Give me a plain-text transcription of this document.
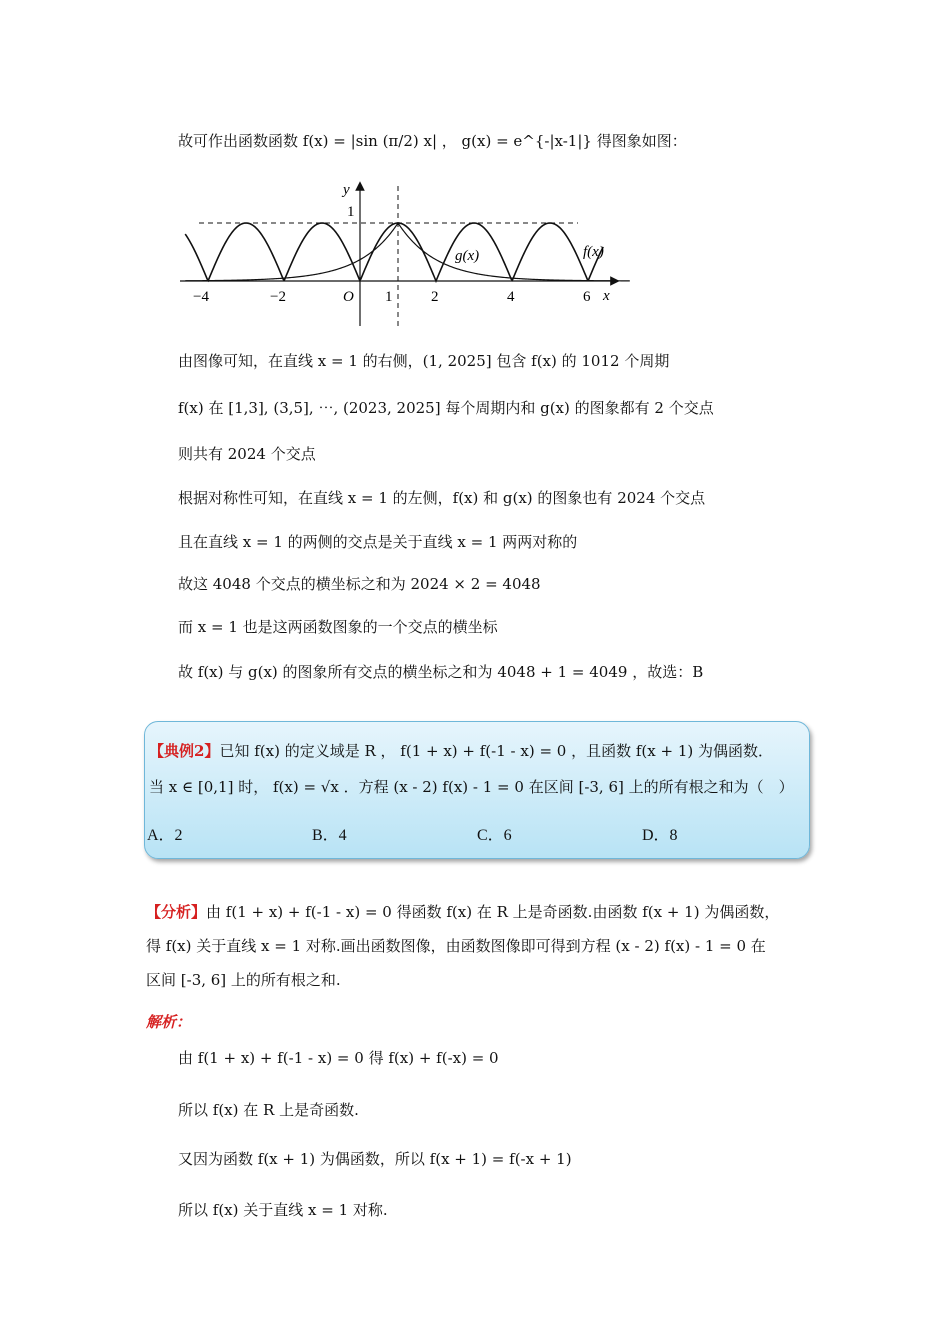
故可作出函数函数 f(x) = |sin (π/2) x| ， g(x) = e^{-|x-1|} 得图象如图：
y
x
O
1
−4	−2	1	2	4	6
f(x)
g(x)
由图像可知，在直线 x = 1 的右侧，(1, 2025] 包含 f(x) 的 1012 个周期
f(x) 在 [1,3], (3,5], ⋯, (2023, 2025] 每个周期内和 g(x) 的图象都有 2 个交点
则共有 2024 个交点
根据对称性可知，在直线 x = 1 的左侧，f(x) 和 g(x) 的图象也有 2024 个交点
且在直线 x = 1 的两侧的交点是关于直线 x = 1 两两对称的
故这 4048 个交点的横坐标之和为 2024 × 2 = 4048
而 x = 1 也是这两函数图象的一个交点的横坐标
故 f(x) 与 g(x) 的图象所有交点的横坐标之和为 4048 + 1 = 4049 ，故选：B
【典例2】已知 f(x) 的定义域是 R ， f(1 + x) + f(-1 - x) = 0 ，且函数 f(x + 1) 为偶函数．
当 x ∈ [0,1] 时， f(x) = √x ．方程 (x - 2) f(x) - 1 = 0 在区间 [-3, 6] 上的所有根之和为（　）
A．2	B．4	C．6	D．8
【分析】由 f(1 + x) + f(-1 - x) = 0 得函数 f(x) 在 R 上是奇函数.由函数 f(x + 1) 为偶函数，
得 f(x) 关于直线 x = 1 对称.画出函数图像，由函数图像即可得到方程 (x - 2) f(x) - 1 = 0 在
区间 [-3, 6] 上的所有根之和.
解析：
由 f(1 + x) + f(-1 - x) = 0 得 f(x) + f(-x) = 0
所以 f(x) 在 R 上是奇函数.
又因为函数 f(x + 1) 为偶函数，所以 f(x + 1) = f(-x + 1)
所以 f(x) 关于直线 x = 1 对称.
